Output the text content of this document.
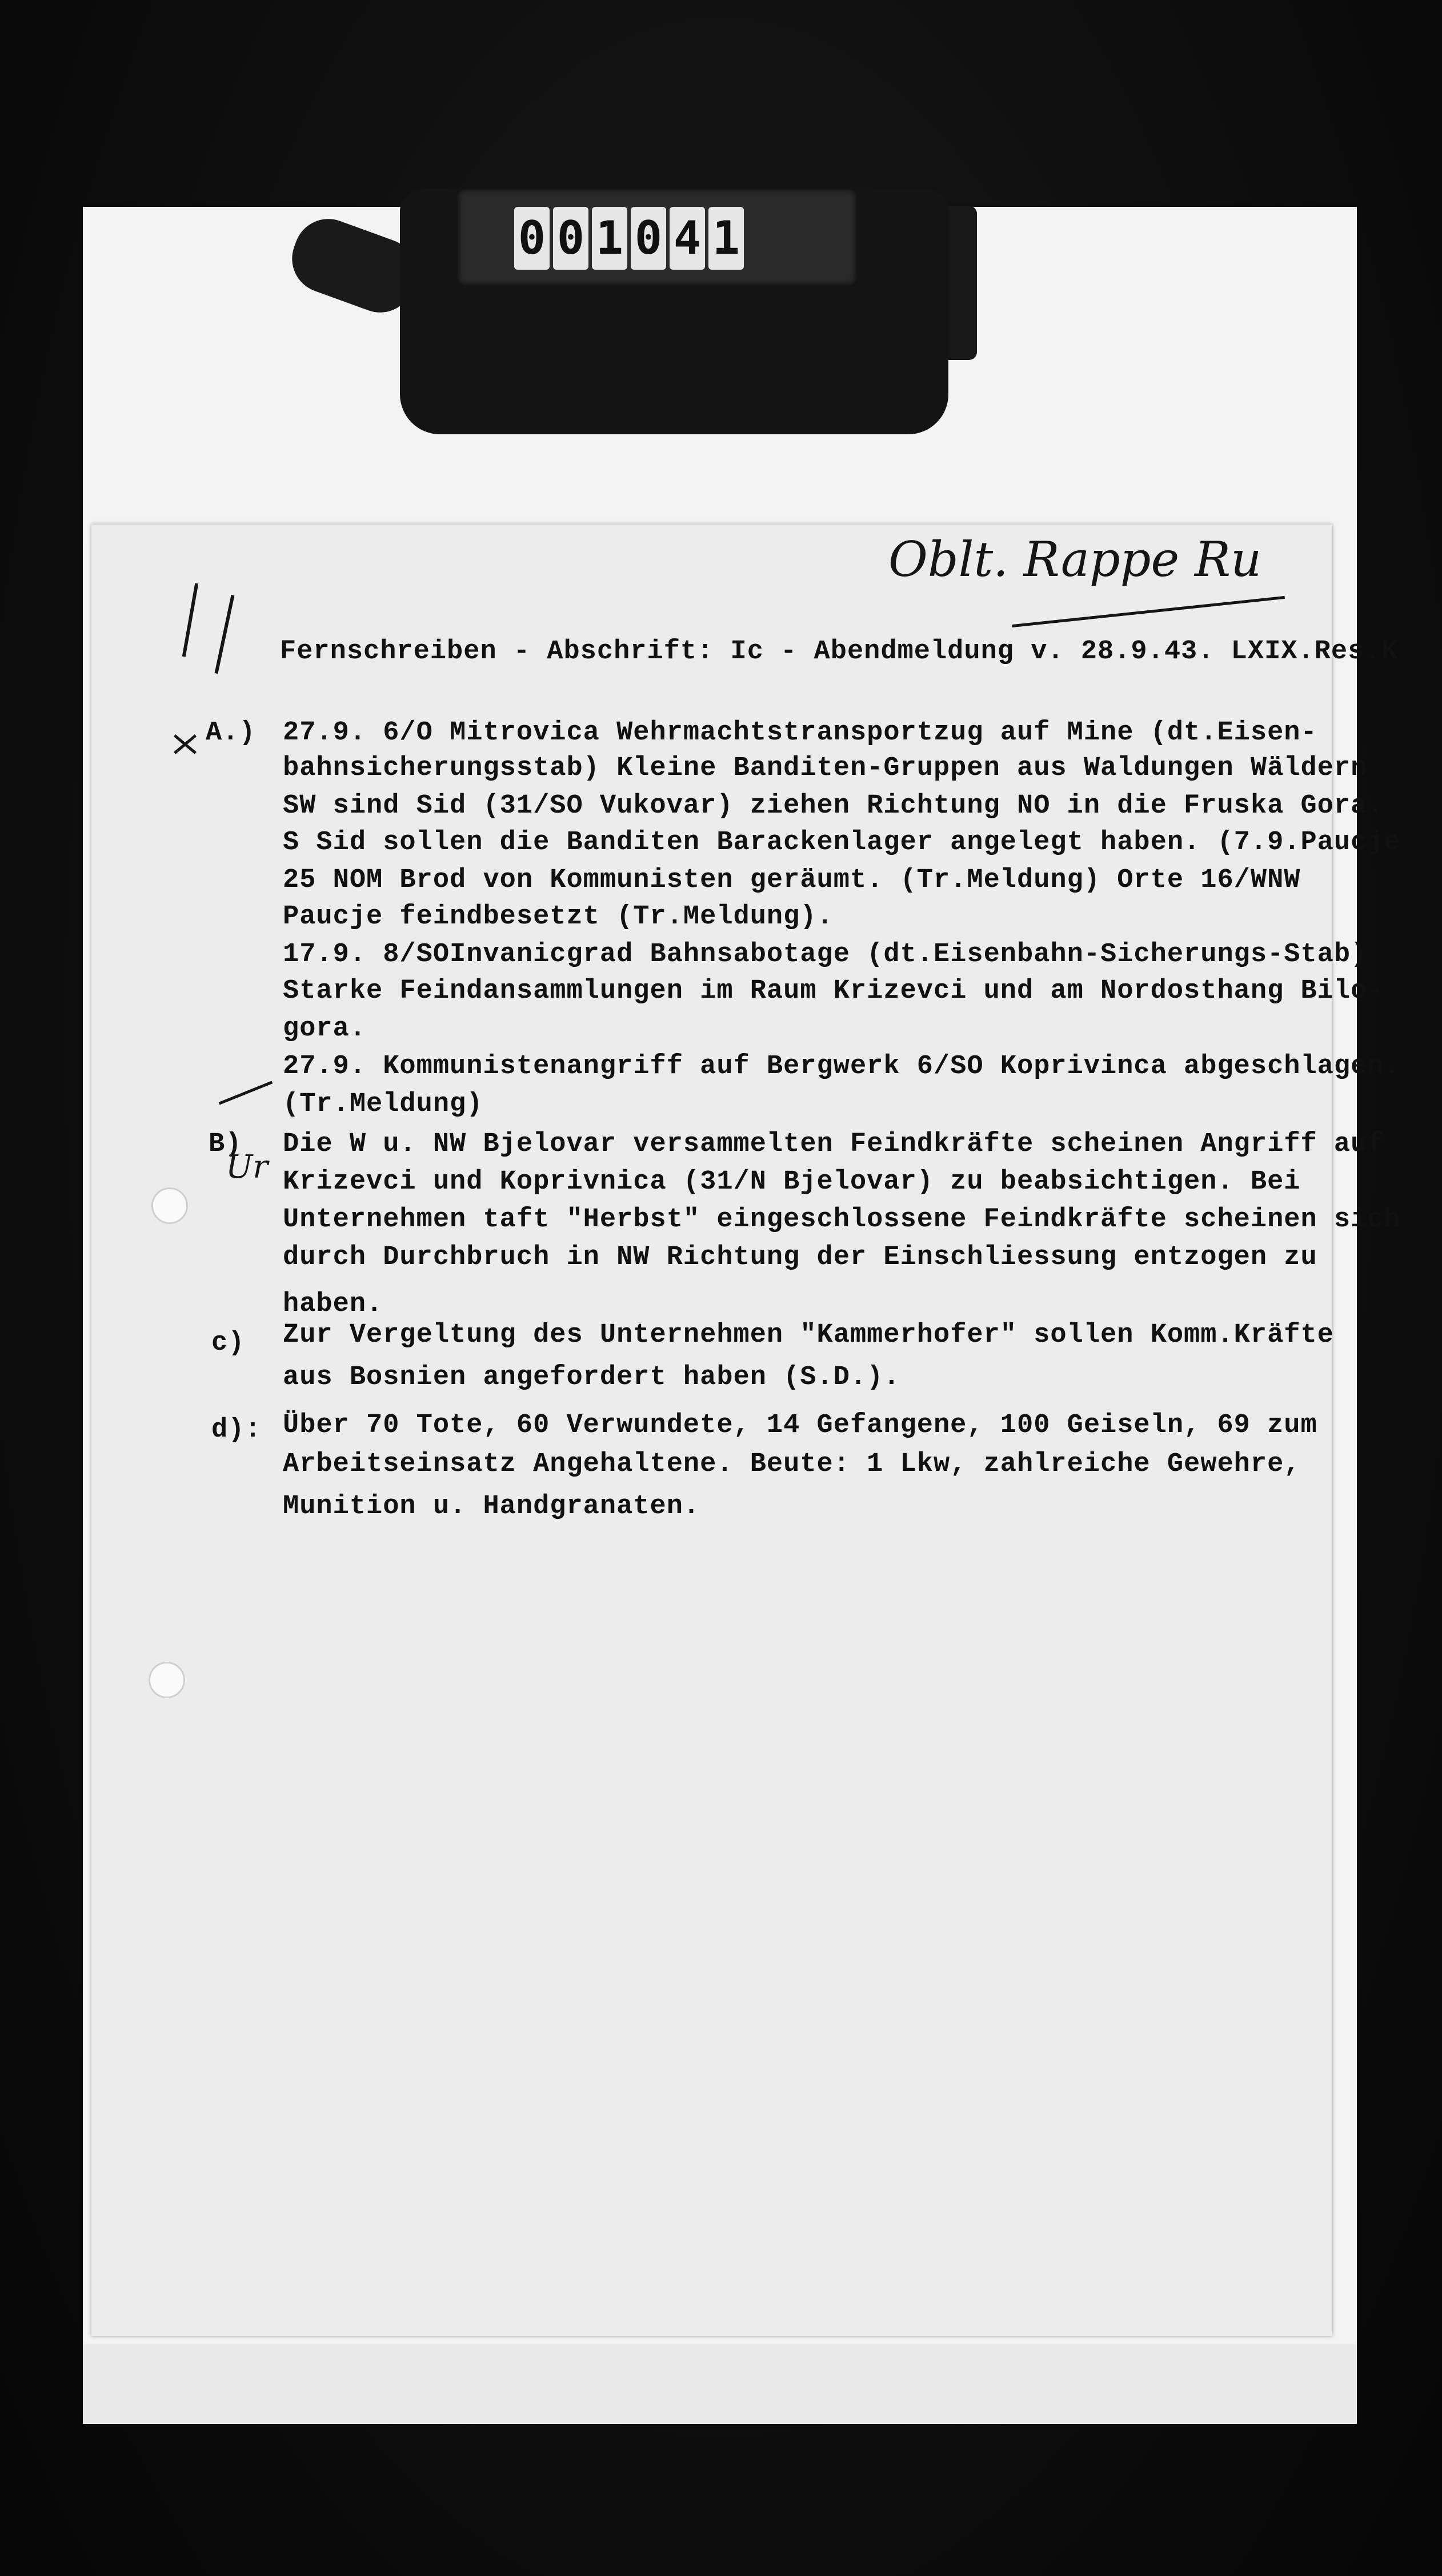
0 0 1 0 4 1
Oblt. Rappe Ru
Ur
Fernschreiben - Abschrift: Ic - Abendmeldung v. 28.9.43. LXIX.Res.K
A.) 27.9. 6/O Mitrovica Wehrmachtstransportzug auf Mine (dt.Eisen-
bahnsicherungsstab) Kleine Banditen-Gruppen aus Waldungen Wäldern
SW sind Sid (31/SO Vukovar) ziehen Richtung NO in die Fruska Gora.
S Sid sollen die Banditen Barackenlager angelegt haben. (7.9.Paucje
25 NOM Brod von Kommunisten geräumt. (Tr.Meldung) Orte 16/WNW
Paucje feindbesetzt (Tr.Meldung).
17.9. 8/SOInvanicgrad Bahnsabotage (dt.Eisenbahn-Sicherungs-Stab)
Starke Feindansammlungen im Raum Krizevci und am Nordosthang Bilo-
gora.
27.9. Kommunistenangriff auf Bergwerk 6/SO Koprivinca abgeschlagen.
(Tr.Meldung)
B) Die W u. NW Bjelovar versammelten Feindkräfte scheinen Angriff auf
Krizevci und Koprivnica (31/N Bjelovar) zu beabsichtigen. Bei
Unternehmen taft "Herbst" eingeschlossene Feindkräfte scheinen sich
durch Durchbruch in NW Richtung der Einschliessung entzogen zu
haben.
c) Zur Vergeltung des Unternehmen "Kammerhofer" sollen Komm.Kräfte
aus Bosnien angefordert haben (S.D.).
d): Über 70 Tote, 60 Verwundete, 14 Gefangene, 100 Geiseln, 69 zum
Arbeitseinsatz Angehaltene. Beute: 1 Lkw, zahlreiche Gewehre,
Munition u. Handgranaten.
